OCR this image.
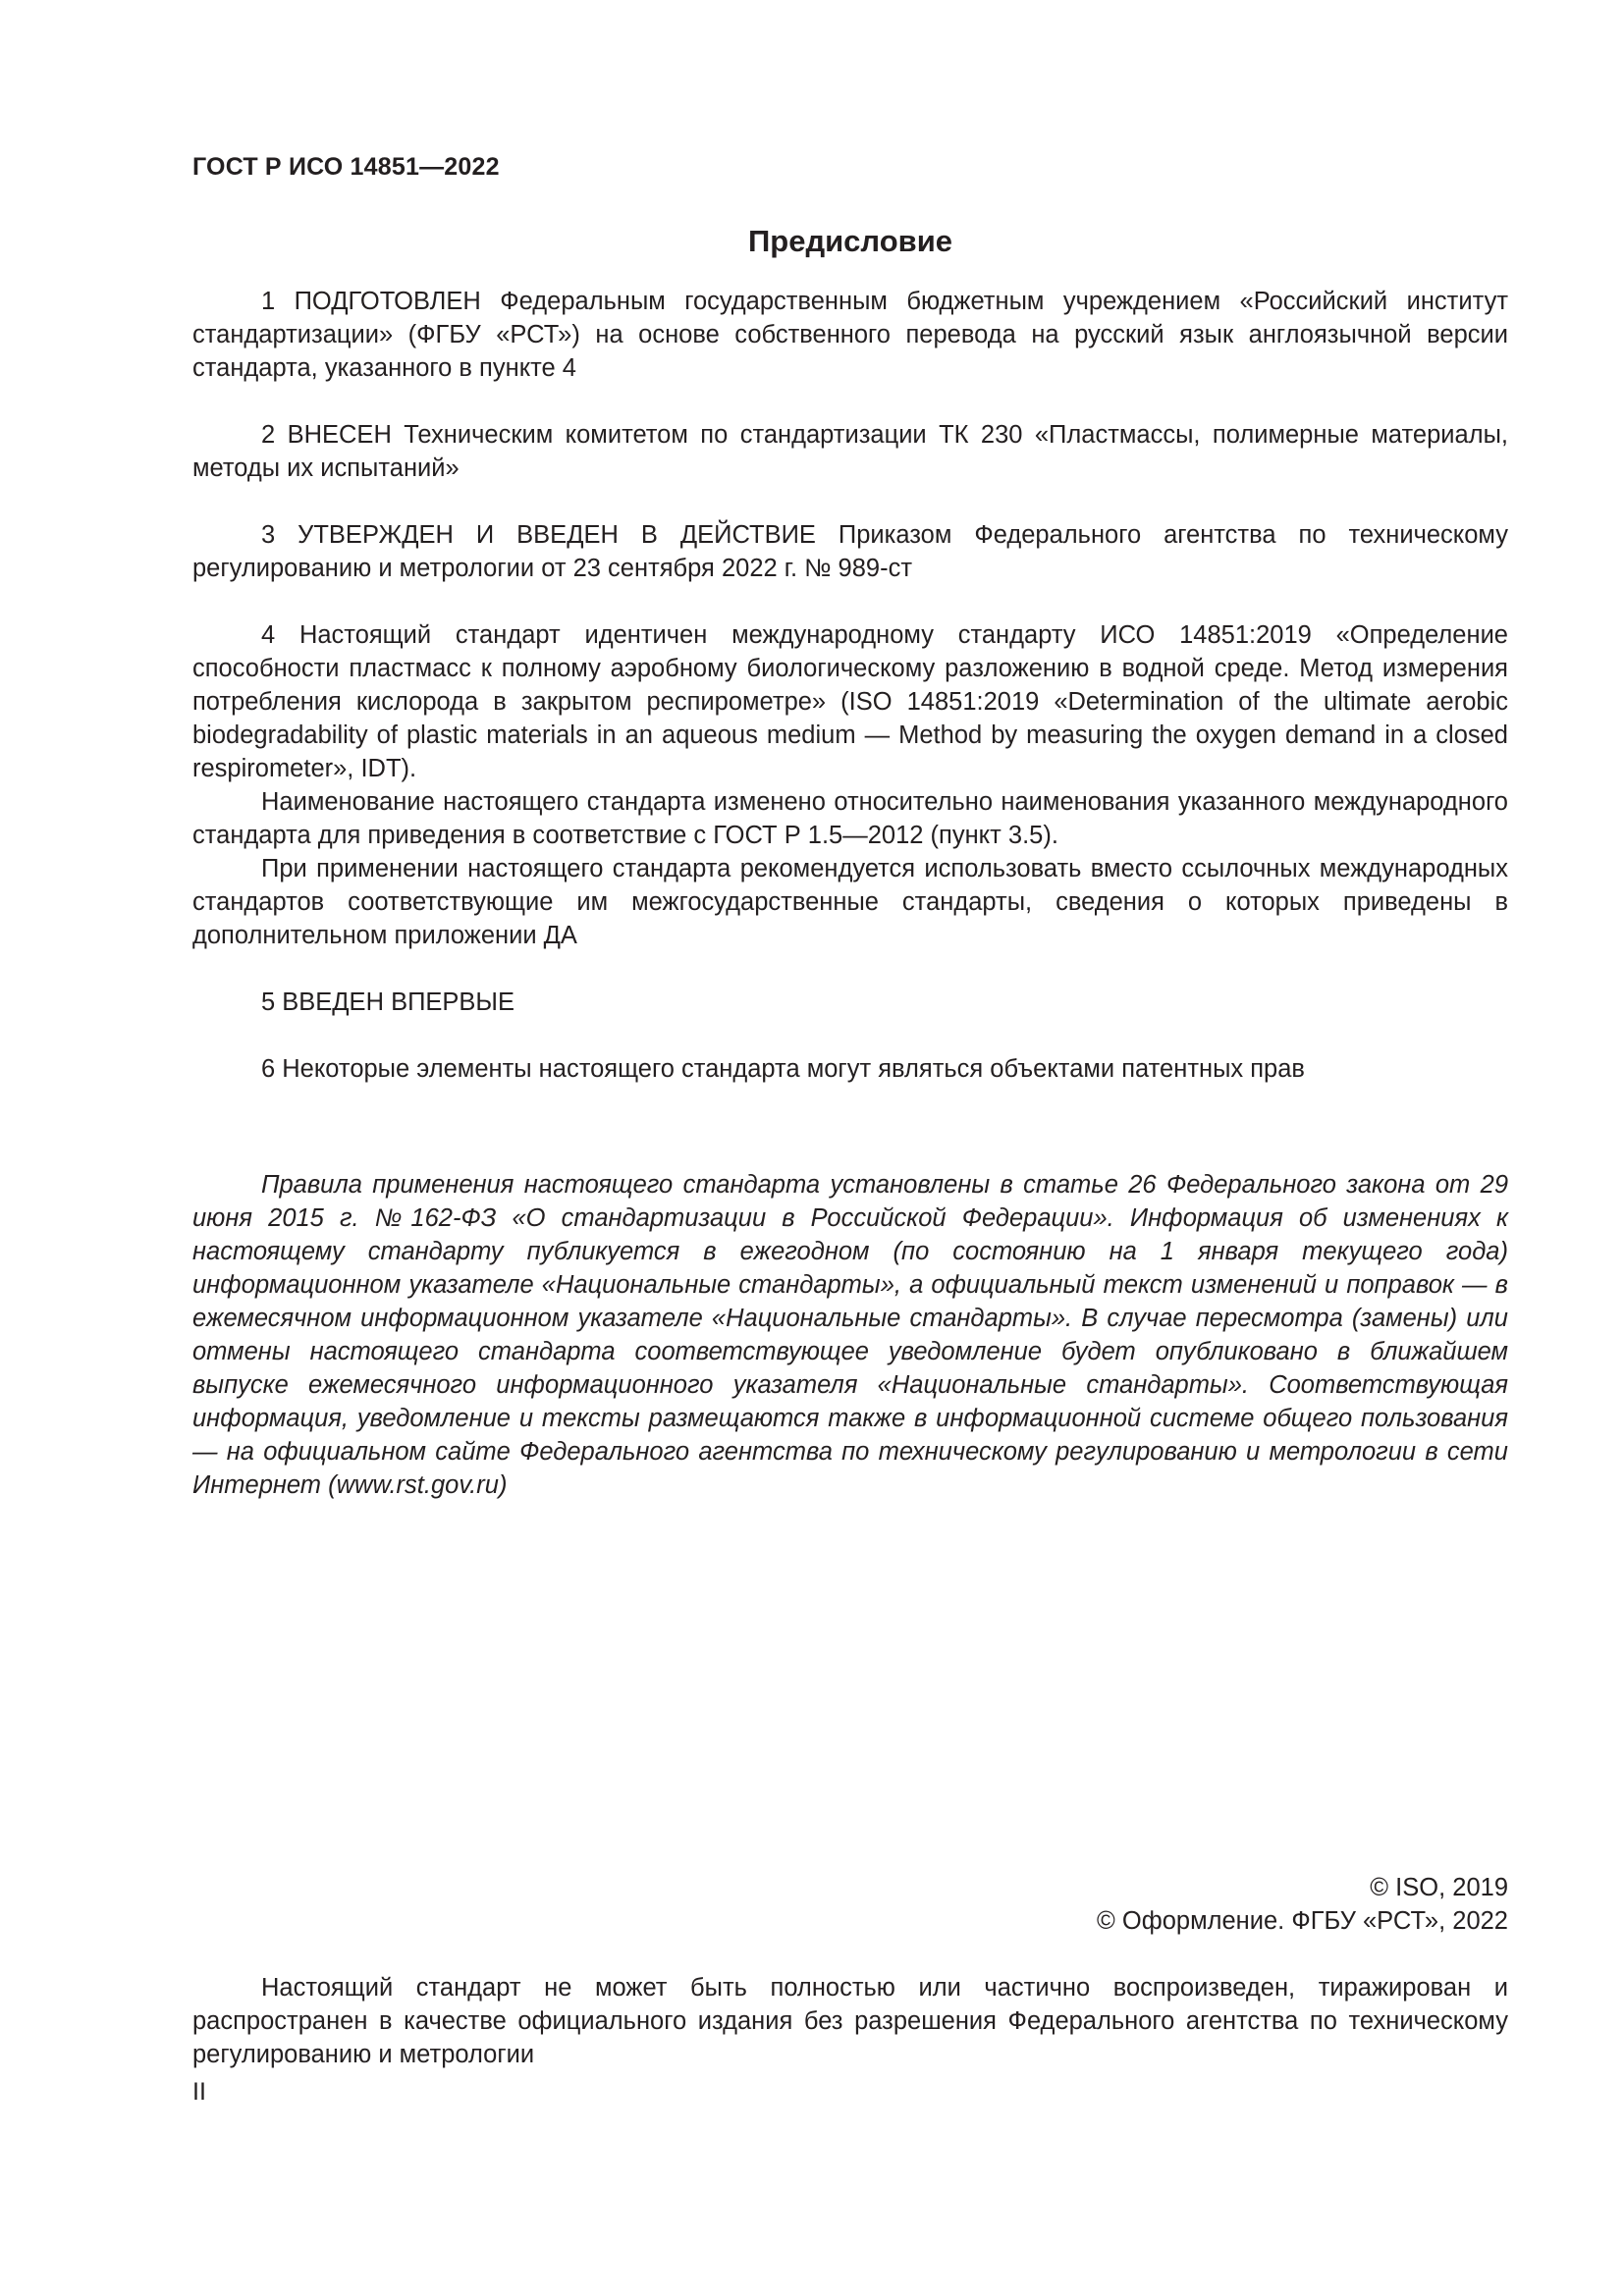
ГОСТ Р ИСО 14851—2022
Предисловие

1 ПОДГОТОВЛЕН Федеральным государственным бюджетным учреждением «Российский институт стандартизации» (ФГБУ «РСТ») на основе собственного перевода на русский язык англоязычной версии стандарта, указанного в пункте 4

2 ВНЕСЕН Техническим комитетом по стандартизации ТК 230 «Пластмассы, полимерные материалы, методы их испытаний»

3 УТВЕРЖДЕН И ВВЕДЕН В ДЕЙСТВИЕ Приказом Федерального агентства по техническому регулированию и метрологии от 23 сентября 2022 г. № 989-ст

4 Настоящий стандарт идентичен международному стандарту ИСО 14851:2019 «Определение способности пластмасс к полному аэробному биологическому разложению в водной среде. Метод измерения потребления кислорода в закрытом респирометре» (ISO 14851:2019 «Determination of the ultimate aerobic biodegradability of plastic materials in an aqueous medium — Method by measuring the oxygen demand in a closed respirometer», IDT).

Наименование настоящего стандарта изменено относительно наименования указанного международного стандарта для приведения в соответствие с ГОСТ Р 1.5—2012 (пункт 3.5).

При применении настоящего стандарта рекомендуется использовать вместо ссылочных международных стандартов соответствующие им межгосударственные стандарты, сведения о которых приведены в дополнительном приложении ДА

5 ВВЕДЕН ВПЕРВЫЕ

6 Некоторые элементы настоящего стандарта могут являться объектами патентных прав

Правила применения настоящего стандарта установлены в статье 26 Федерального закона от 29 июня 2015 г. №162-ФЗ «О стандартизации в Российской Федерации». Информация об изменениях к настоящему стандарту публикуется в ежегодном (по состоянию на 1 января текущего года) информационном указателе «Национальные стандарты», а официальный текст изменений и поправок — в ежемесячном информационном указателе «Национальные стандарты». В случае пересмотра (замены) или отмены настоящего стандарта соответствующее уведомление будет опубликовано в ближайшем выпуске ежемесячного информационного указателя «Национальные стандарты». Соответствующая информация, уведомление и тексты размещаются также в информационной системе общего пользования — на официальном сайте Федерального агентства по техническому регулированию и метрологии в сети Интернет (www.rst.gov.ru)
© ISO, 2019
© Оформление. ФГБУ «РСТ», 2022
Настоящий стандарт не может быть полностью или частично воспроизведен, тиражирован и распространен в качестве официального издания без разрешения Федерального агентства по техническому регулированию и метрологии
II
